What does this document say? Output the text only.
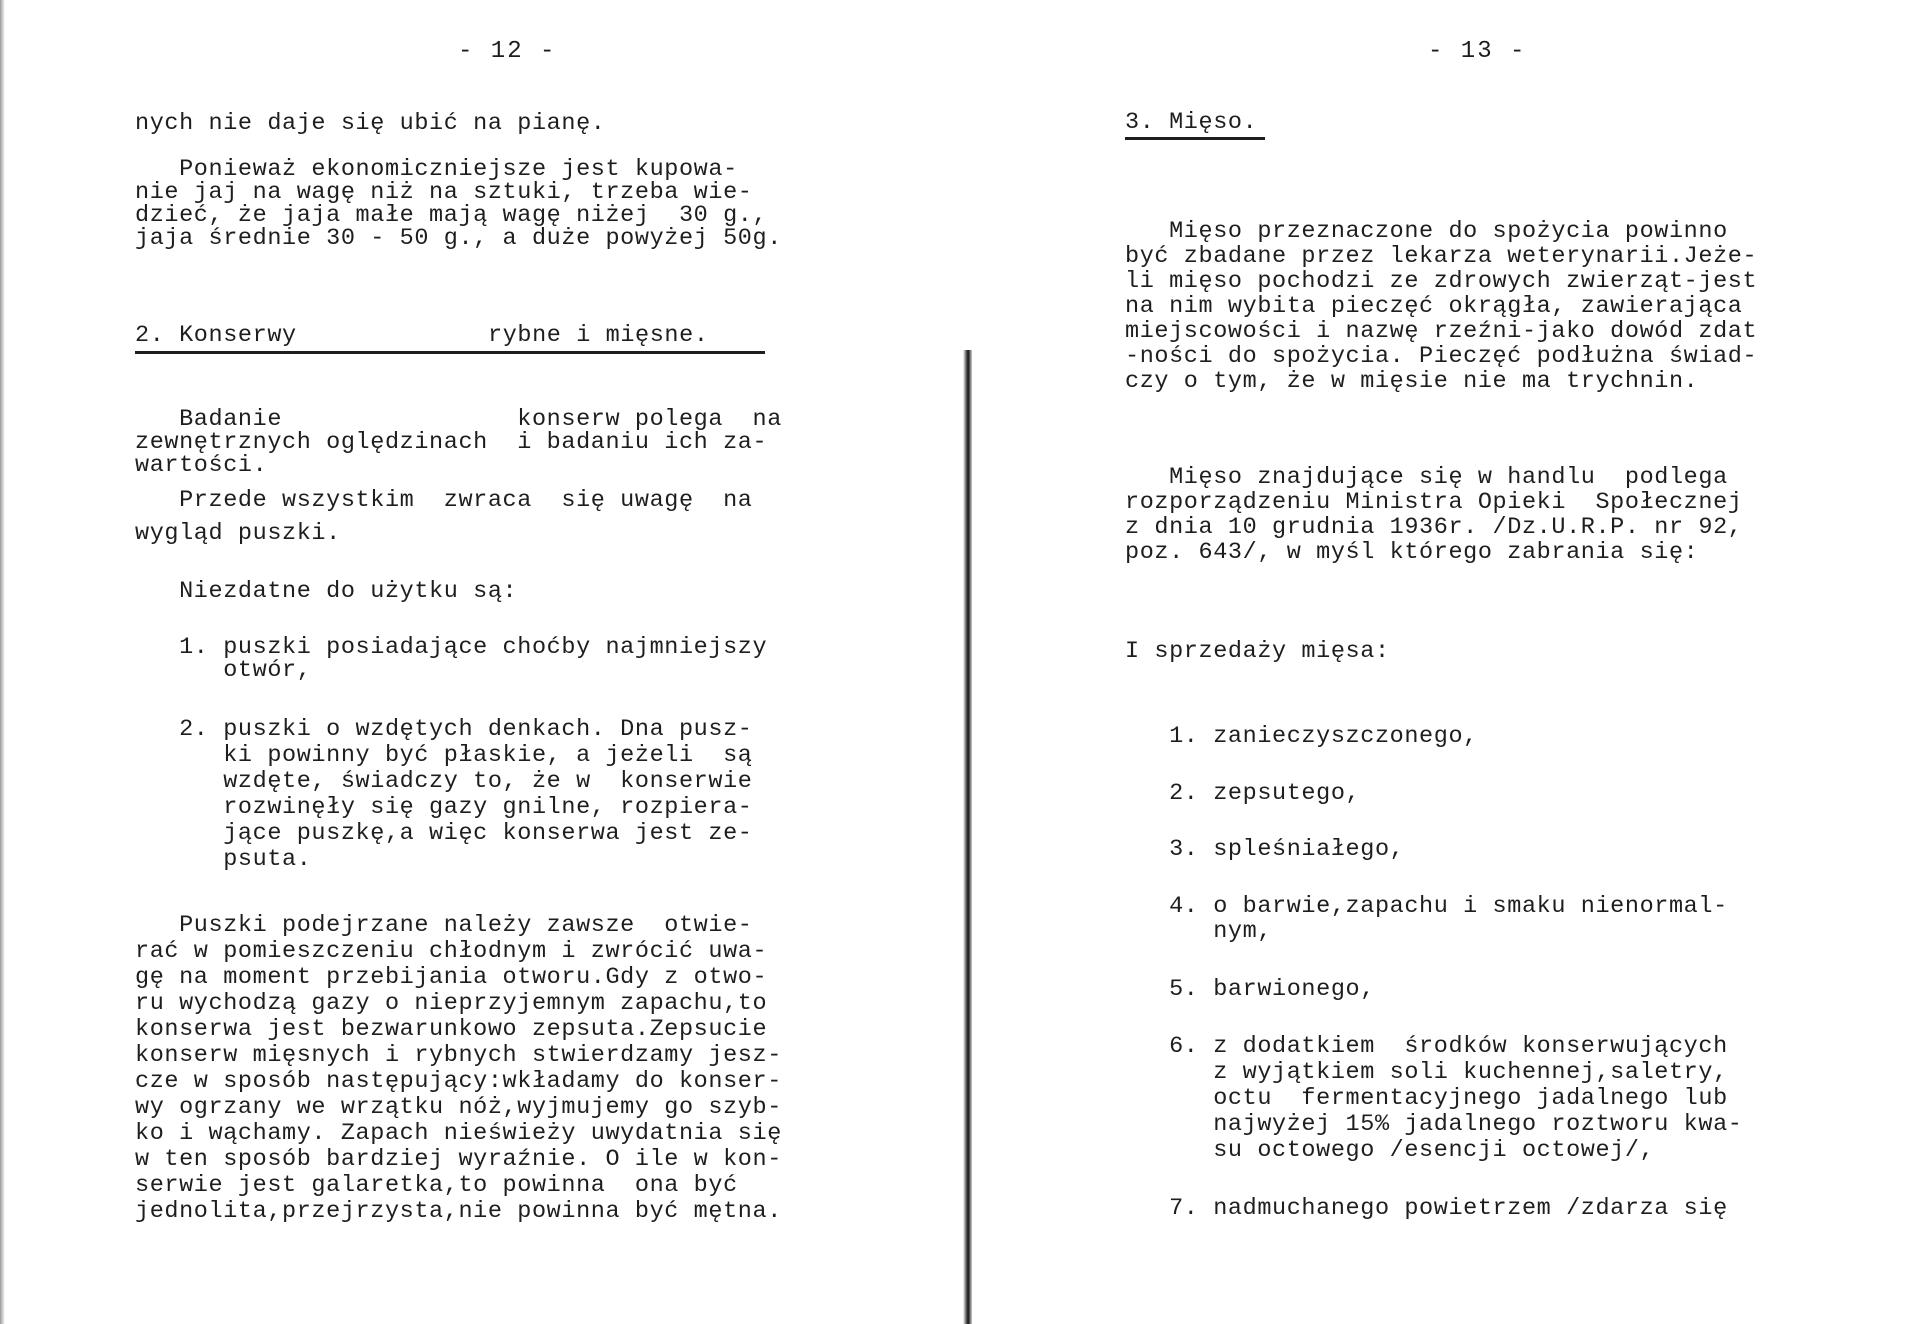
- 12 -

nych nie daje się ubić na pianę.

Ponieważ ekonomiczniejsze jest kupowa-

nie jaj na wagę niż na sztuki, trzeba wie-

dzieć, że jaja małe mają wagę niżej  30 g.,

jaja średnie 30 - 50 g., a duże powyżej 50g.

2. Konserwy	rybne i mięsne.

Badanie                konserw polega  na

zewnętrznych oględzinach  i badaniu ich za-

wartości.

Przede wszystkim  zwraca  się uwagę  na

wygląd puszki.

Niezdatne do użytku są:

1. puszki posiadające choćby najmniejszy

otwór,

2. puszki o wzdętych denkach. Dna pusz-

ki powinny być płaskie, a jeżeli  są

wzdęte, świadczy to, że w  konserwie

rozwinęły się gazy gnilne, rozpiera-

jące puszkę,a więc konserwa jest ze-

psuta.

Puszki podejrzane należy zawsze  otwie-

rać w pomieszczeniu chłodnym i zwrócić uwa-

gę na moment przebijania otworu.Gdy z otwo-

ru wychodzą gazy o nieprzyjemnym zapachu,to

konserwa jest bezwarunkowo zepsuta.Zepsucie

konserw mięsnych i rybnych stwierdzamy jesz-

cze w sposób następujący:wkładamy do konser-

wy ogrzany we wrzątku nóż,wyjmujemy go szyb-

ko i wąchamy. Zapach nieświeży uwydatnia się

w ten sposób bardziej wyraźnie. O ile w kon-

serwie jest galaretka,to powinna  ona być

jednolita,przejrzysta,nie powinna być mętna.

- 13 -

3. Mięso.

Mięso przeznaczone do spożycia powinno

być zbadane przez lekarza weterynarii.Jeże-

li mięso pochodzi ze zdrowych zwierząt-jest

na nim wybita pieczęć okrągła, zawierająca

miejscowości i nazwę rzeźni-jako dowód zdat

-ności do spożycia. Pieczęć podłużna świad-

czy o tym, że w mięsie nie ma trychnin.

Mięso znajdujące się w handlu  podlega

rozporządzeniu Ministra Opieki  Społecznej

z dnia 10 grudnia 1936r. /Dz.U.R.P. nr 92,

poz. 643/, w myśl którego zabrania się:

I sprzedaży mięsa:

1. zanieczyszczonego,

2. zepsutego,

3. spleśniałego,

4. o barwie,zapachu i smaku nienormal-

nym,

5. barwionego,

6. z dodatkiem  środków konserwujących

z wyjątkiem soli kuchennej,saletry,

octu  fermentacyjnego jadalnego lub

najwyżej 15% jadalnego roztworu kwa-

su octowego /esencji octowej/,

7. nadmuchanego powietrzem /zdarza się
